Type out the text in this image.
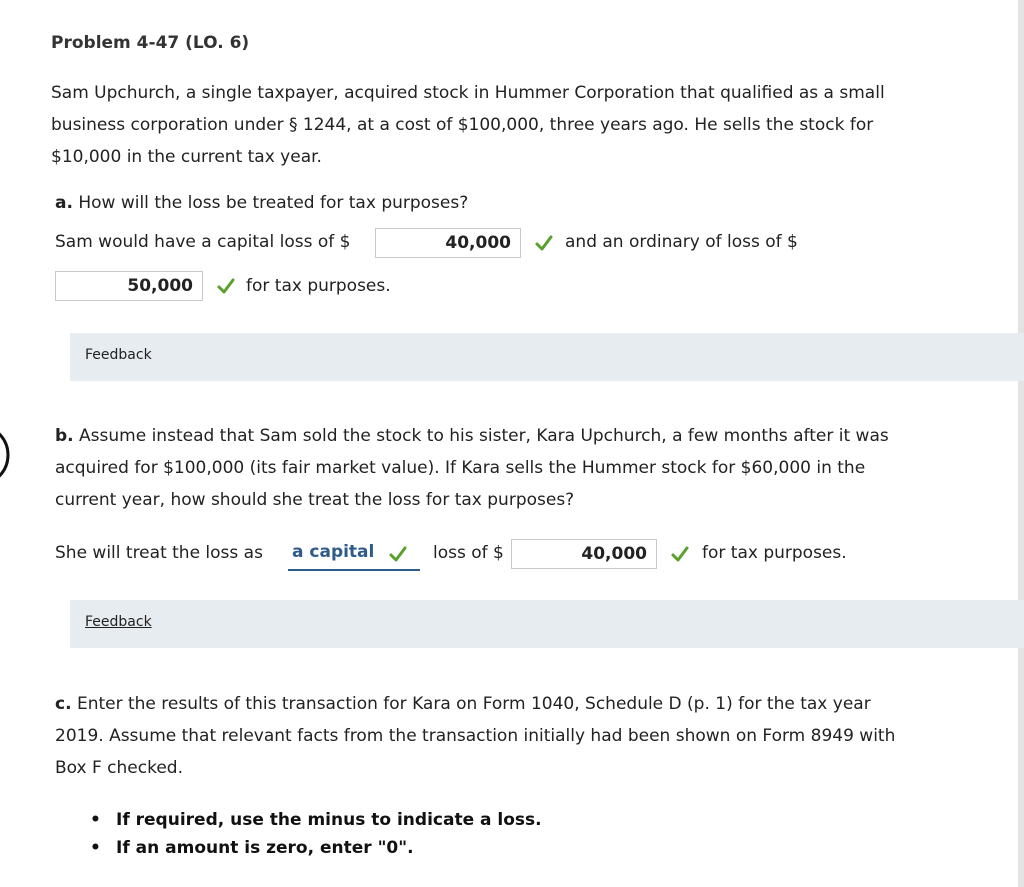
Problem 4-47 (LO. 6)
Sam Upchurch, a single taxpayer, acquired stock in Hummer Corporation that qualified as a small
business corporation under § 1244, at a cost of $100,000, three years ago. He sells the stock for
$10,000 in the current tax year.
a. How will the loss be treated for tax purposes?
Sam would have a capital loss of $	40,000	and an ordinary of loss of $
50,000	for tax purposes.
Feedback
b. Assume instead that Sam sold the stock to his sister, Kara Upchurch, a few months after it was
acquired for $100,000 (its fair market value). If Kara sells the Hummer stock for $60,000 in the
current year, how should she treat the loss for tax purposes?
She will treat the loss as a capital	loss of $	40,000	for tax purposes.
Feedback
c. Enter the results of this transaction for Kara on Form 1040, Schedule D (p. 1) for the tax year
2019. Assume that relevant facts from the transaction initially had been shown on Form 8949 with
Box F checked.
• If required, use the minus to indicate a loss.
• If an amount is zero, enter "0".
